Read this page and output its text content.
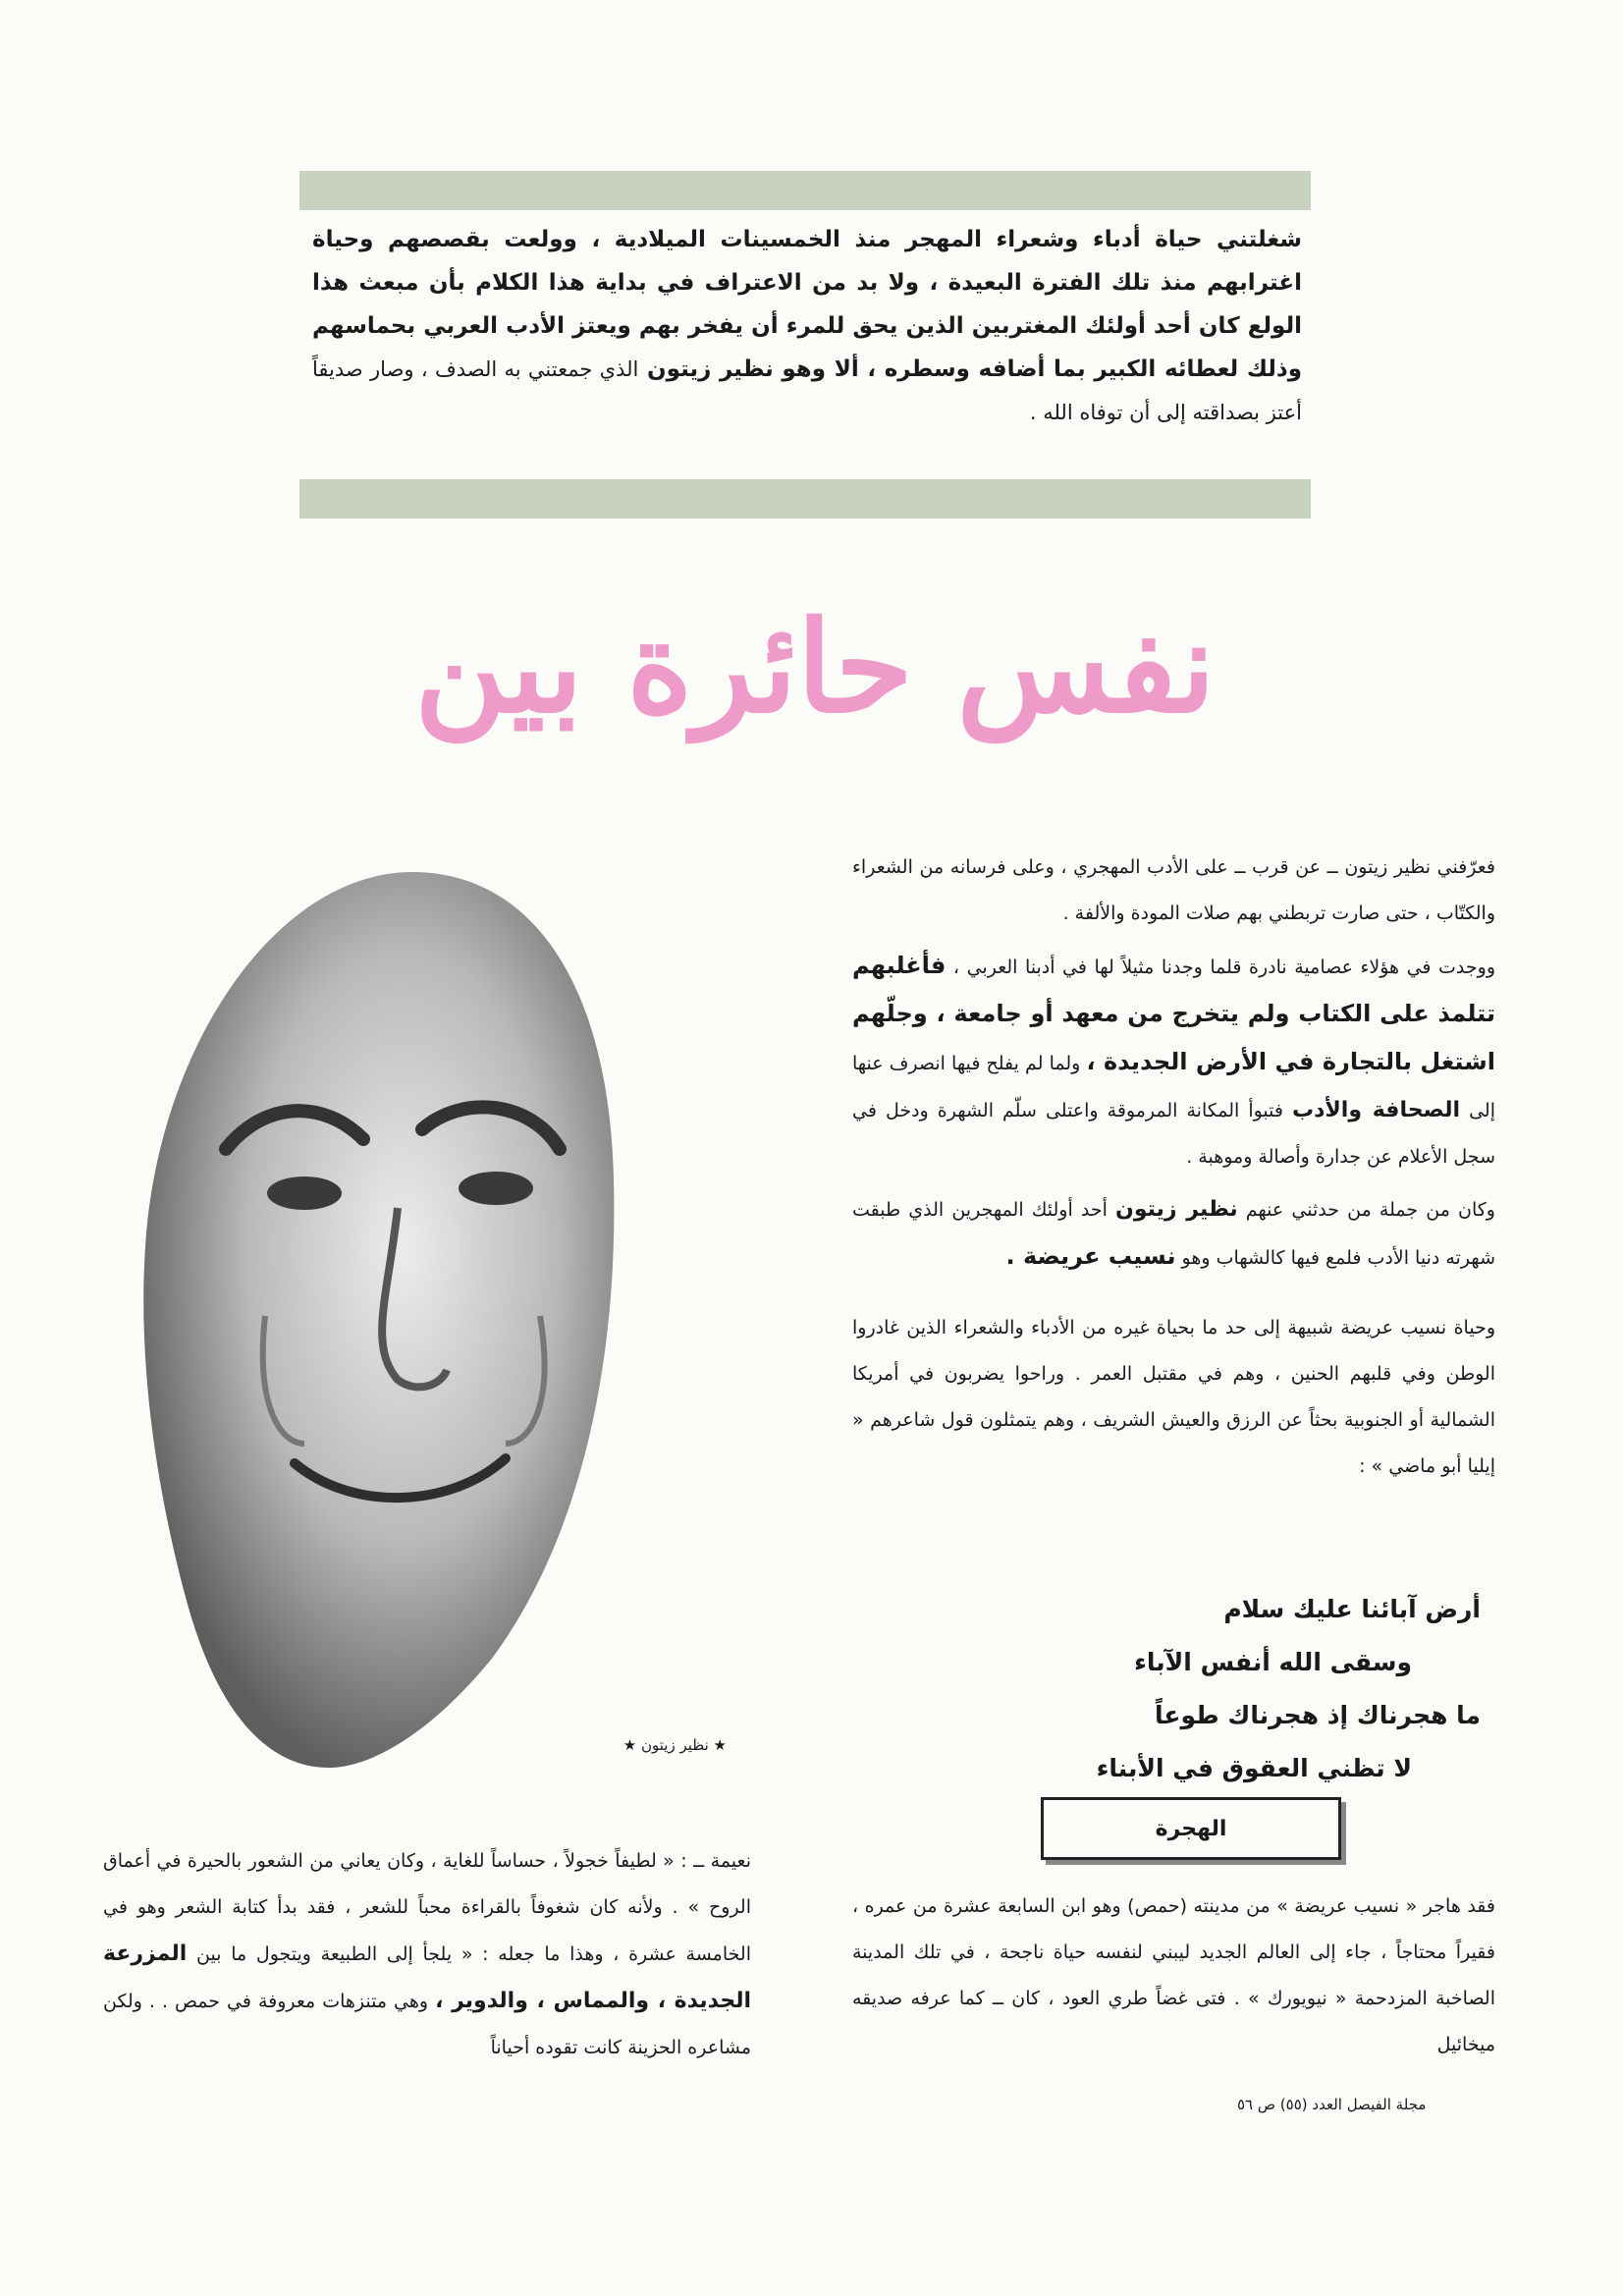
شغلتني حياة أدباء وشعراء المهجر منذ الخمسينات الميلادية ، وولعت بقصصهم وحياة اغترابهم منذ تلك الفترة البعيدة ، ولا بد من الاعتراف في بداية هذا الكلام بأن مبعث هذا الولع كان أحد أولئك المغتربين الذين يحق للمرء أن يفخر بهم ويعتز الأدب العربي بحماسهم وذلك لعطائه الكبير بما أضافه وسطره ، ألا وهو نظير زيتون الذي جمعتني به الصدف ، وصار صديقاً أعتز بصداقته إلى أن توفاه الله .
نفس حائرة بين

فعرّفني نظير زيتون ــ عن قرب ــ على الأدب المهجري ، وعلى فرسانه من الشعراء والكتّاب ، حتى صارت تربطني بهم صلات المودة والألفة .

ووجدت في هؤلاء عصامية نادرة قلما وجدنا مثيلاً لها في أدبنا العربي ، فأغلبهم تتلمذ على الكتاب ولم يتخرج من معهد أو جامعة ، وجلّهم اشتغل بالتجارة في الأرض الجديدة ، ولما لم يفلح فيها انصرف عنها إلى الصحافة والأدب فتبوأ المكانة المرموقة واعتلى سلّم الشهرة ودخل في سجل الأعلام عن جدارة وأصالة وموهبة .

وكان من جملة من حدثني عنهم نظير زيتون أحد أولئك المهجرين الذي طبقت شهرته دنيا الأدب فلمع فيها كالشهاب وهو نسيب عريضة .

وحياة نسيب عريضة شبيهة إلى حد ما بحياة غيره من الأدباء والشعراء الذين غادروا الوطن وفي قلبهم الحنين ، وهم في مقتبل العمر . وراحوا يضربون في أمريكا الشمالية أو الجنوبية بحثاً عن الرزق والعيش الشريف ، وهم يتمثلون قول شاعرهم « إيليا أبو ماضي » :

أرض آبائنا عليك سلام
وسقى الله أنفس الآباء
ما هجرناك إذ هجرناك طوعاً
لا تظني العقوق في الأبناء
★ نظير زيتون ★
الهجرة
فقد هاجر « نسيب عريضة » من مدينته (حمص) وهو ابن السابعة عشرة من عمره ، فقيراً محتاجاً ، جاء إلى العالم الجديد ليبني لنفسه حياة ناجحة ، في تلك المدينة الصاخبة المزدحمة « نيويورك » . فتى غضاً طري العود ، كان ــ كما عرفه صديقه ميخائيل
نعيمة ــ : « لطيفاً خجولاً ، حساساً للغاية ، وكان يعاني من الشعور بالحيرة في أعماق الروح » . ولأنه كان شغوفاً بالقراءة محباً للشعر ، فقد بدأ كتابة الشعر وهو في الخامسة عشرة ، وهذا ما جعله : « يلجأ إلى الطبيعة ويتجول ما بين المزرعة الجديدة ، والمماس ، والدوير ، وهي متنزهات معروفة في حمص . . ولكن مشاعره الحزينة كانت تقوده أحياناً
مجلة الفيصل العدد (٥٥) ص ٥٦
